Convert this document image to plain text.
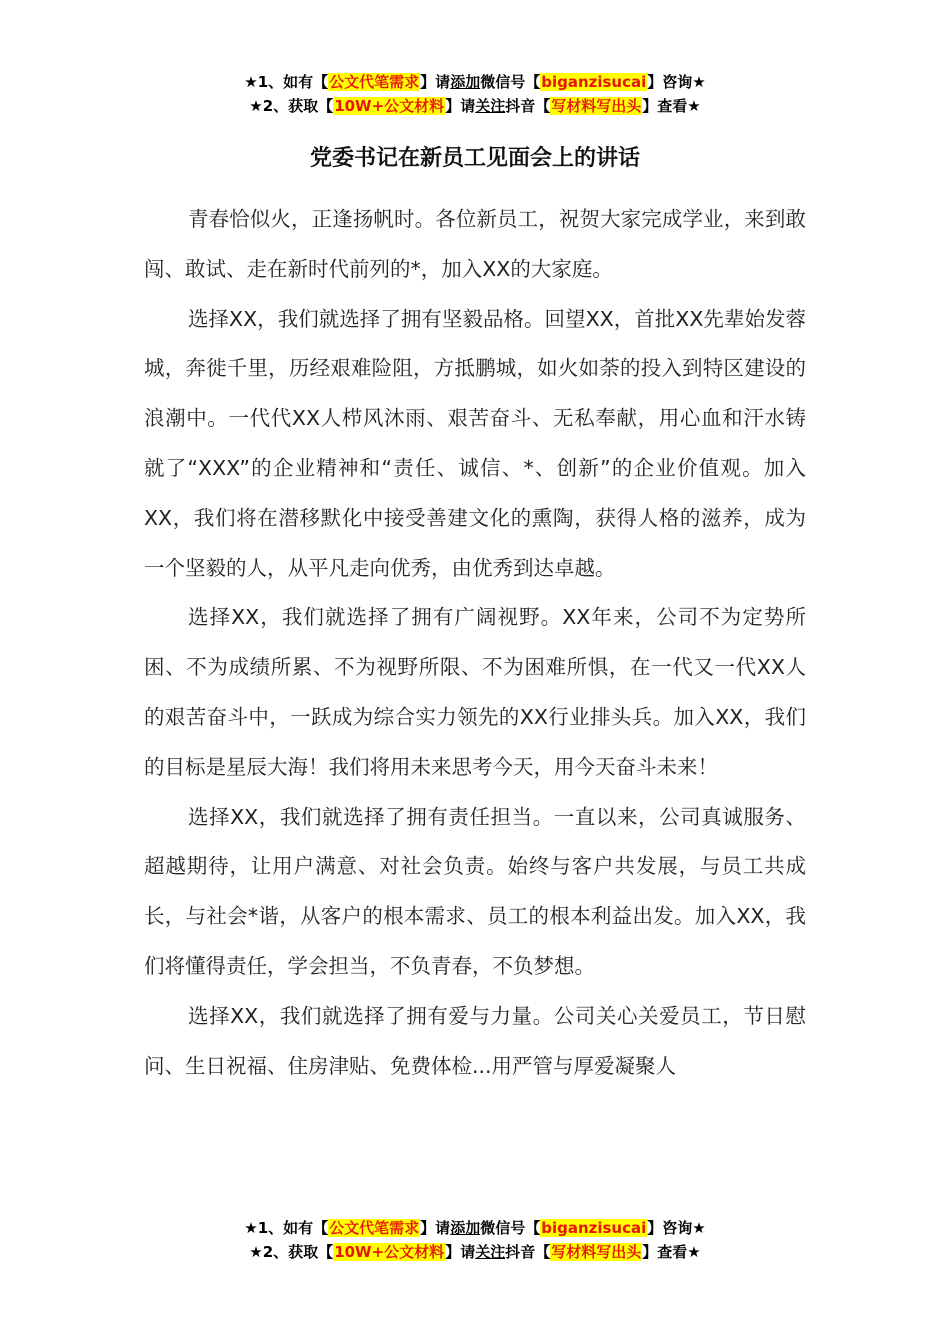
★1、如有【公文代笔需求】请添加微信号【biganzisucai】咨询★
★2、获取【10W+公文材料】请关注抖音【写材料写出头】查看★
党委书记在新员工见面会上的讲话

青春恰似火，正逢扬帆时。各位新员工，祝贺大家完成学业，来到敢闯、敢试、走在新时代前列的*，加入XX的大家庭。

选择XX，我们就选择了拥有坚毅品格。回望XX，首批XX先辈始发蓉城，奔徙千里，历经艰难险阻，方抵鹏城，如火如荼的投入到特区建设的浪潮中。一代代XX人栉风沐雨、艰苦奋斗、无私奉献，用心血和汗水铸就了“XXX”的企业精神和“责任、诚信、*、创新”的企业价值观。加入XX，我们将在潜移默化中接受善建文化的熏陶，获得人格的滋养，成为一个坚毅的人，从平凡走向优秀，由优秀到达卓越。

选择XX，我们就选择了拥有广阔视野。XX年来，公司不为定势所困、不为成绩所累、不为视野所限、不为困难所惧，在一代又一代XX人的艰苦奋斗中，一跃成为综合实力领先的XX行业排头兵。加入XX，我们的目标是星辰大海！我们将用未来思考今天，用今天奋斗未来！

选择XX，我们就选择了拥有责任担当。一直以来，公司真诚服务、超越期待，让用户满意、对社会负责。始终与客户共发展，与员工共成长，与社会*谐，从客户的根本需求、员工的根本利益出发。加入XX，我们将懂得责任，学会担当，不负青春，不负梦想。

选择XX，我们就选择了拥有爱与力量。公司关心关爱员工，节日慰问、生日祝福、住房津贴、免费体检...用严管与厚爱凝聚人

★1、如有【公文代笔需求】请添加微信号【biganzisucai】咨询★
★2、获取【10W+公文材料】请关注抖音【写材料写出头】查看★
